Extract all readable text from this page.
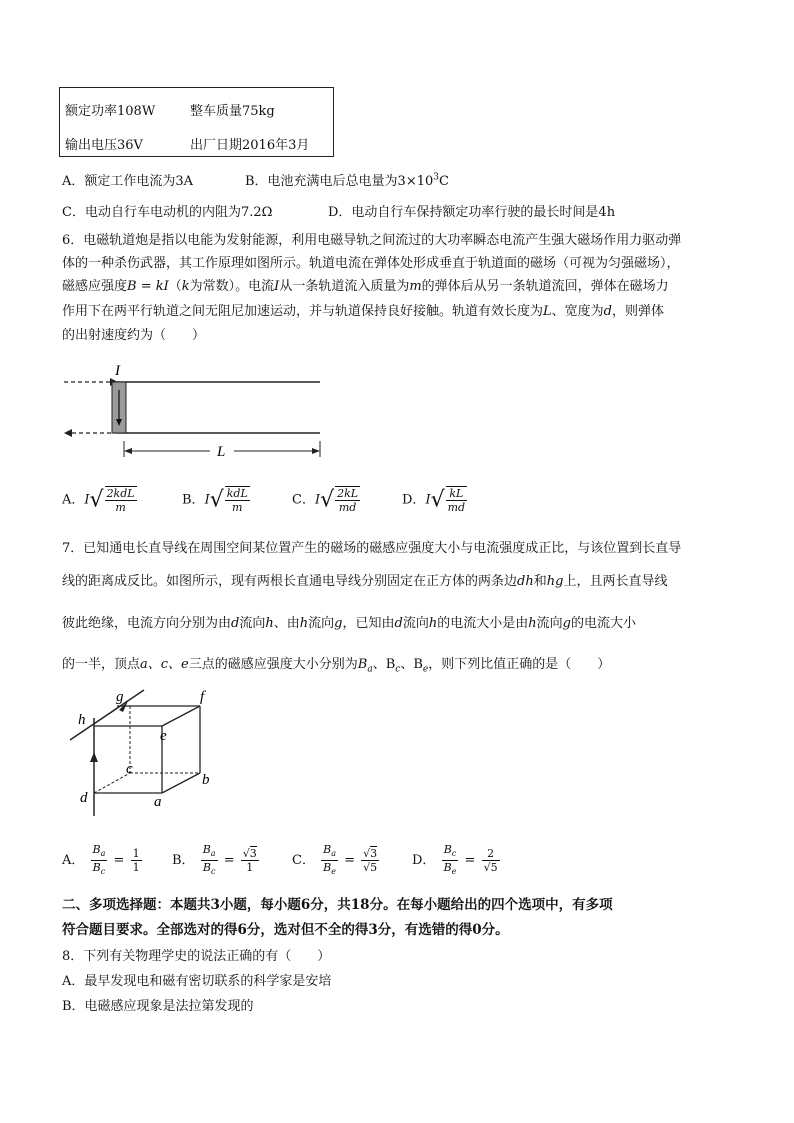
额定功率108W	整车质量75kg
输出电压36V	出厂日期2016年3月
A．额定工作电流为3A	B．电池充满电后总电量为$3\times 10^3C$
C．电动自行车电动机的内阻为7.2Ω	D．电动自行车保持额定功率行驶的最长时间是4h
6．电磁轨道炮是指以电能为发射能源，利用电磁导轨之间流过的大功率瞬态电流产生强大磁场作用力驱动弹
体的一种杀伤武器，其工作原理如图所示。轨道电流在弹体处形成垂直于轨道面的磁场（可视为匀强磁场），
磁感应强度B = kI（k为常数）。电流I从一条轨道流入质量为m的弹体后从另一条轨道流回，弹体在磁场力
作用下在两平行轨道之间无阻尼加速运动，并与轨道保持良好接触。轨道有效长度为L、宽度为d，则弹体
的出射速度约为（　　）
I
L
A．$I√ \frac{\text{2kdL}}{m}$	B．$I√ \frac{\text{kdL}}{m}$	C．$I√ \frac{2kL}{md}$	D．$I√ \frac{kL}{md}$
7．已知通电长直导线在周围空间某位置产生的磁场的磁感应强度大小与电流强度成正比，与该位置到长直导
线的距离成反比。如图所示，现有两根长直通电导线分别固定在正方体的两条边dh和hg上，且两长直导线
彼此绝缘，电流方向分别为由d流向h、由h流向g，已知由d流向h的电流大小是由h流向g的电流大小
的一半，顶点a、c、e三点的磁感应强度大小分别为$B_a$、$B_c$、$B_e$，则下列比值正确的是（　　）
h
g	f
e
c
b
d	a
A． $\frac{B_a}{B_c} = \frac{1}{1}$ B． $\frac{B_a}{B_c} = \frac{√3}{1}$	C． $\frac{B_a}{B_e} = \frac{√3}{√5}$	D． $\frac{B_c}{B_e} = \frac{2}{√5}$
二、多项选择题：本题共3小题，每小题6分，共18分。在每小题给出的四个选项中，有多项
符合题目要求。全部选对的得6分，选对但不全的得3分，有选错的得0分。
8．下列有关物理学史的说法正确的有（　　）
A．最早发现电和磁有密切联系的科学家是安培
B．电磁感应现象是法拉第发现的
